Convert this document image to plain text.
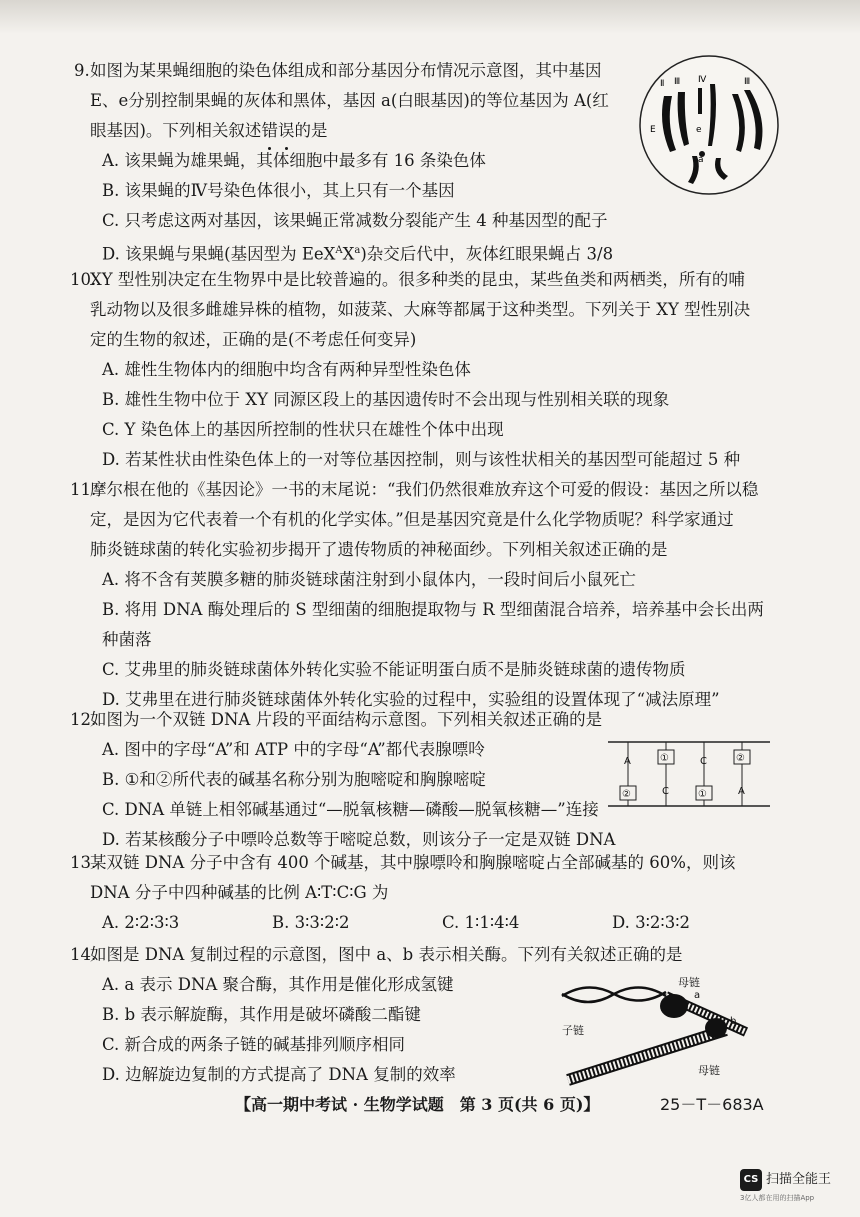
9. 如图为某果蝇细胞的染色体组成和部分基因分布情况示意图，其中基因
E、e分别控制果蝇的灰体和黑体，基因 a(白眼基因)的等位基因为 A(红
眼基因)。下列相关叙述错误的是
A. 该果蝇为雄果蝇，其体细胞中最多有 16 条染色体
B. 该果蝇的Ⅳ号染色体很小，其上只有一个基因
C. 只考虑这两对基因，该果蝇正常减数分裂能产生 4 种基因型的配子
D. 该果蝇与果蝇(基因型为 $EeX^AX^a$)杂交后代中，灰体红眼果蝇占 3/8
Ⅱ Ⅲ Ⅳ	Ⅲ
E	e
a
10.
XY 型性别决定在生物界中是比较普遍的。很多种类的昆虫，某些鱼类和两栖类，所有的哺
乳动物以及很多雌雄异株的植物，如菠菜、大麻等都属于这种类型。下列关于 XY 型性别决
定的生物的叙述，正确的是(不考虑任何变异)
A. 雄性生物体内的细胞中均含有两种异型性染色体
B. 雄性生物中位于 XY 同源区段上的基因遗传时不会出现与性别相关联的现象
C. Y 染色体上的基因所控制的性状只在雄性个体中出现
D. 若某性状由性染色体上的一对等位基因控制，则与该性状相关的基因型可能超过 5 种
11.
摩尔根在他的《基因论》一书的末尾说：“我们仍然很难放弃这个可爱的假设：基因之所以稳
定，是因为它代表着一个有机的化学实体。”但是基因究竟是什么化学物质呢？科学家通过
肺炎链球菌的转化实验初步揭开了遗传物质的神秘面纱。下列相关叙述正确的是
A. 将不含有荚膜多糖的肺炎链球菌注射到小鼠体内，一段时间后小鼠死亡
B. 将用 DNA 酶处理后的 S 型细菌的细胞提取物与 R 型细菌混合培养，培养基中会长出两
种菌落
C. 艾弗里的肺炎链球菌体外转化实验不能证明蛋白质不是肺炎链球菌的遗传物质
D. 艾弗里在进行肺炎链球菌体外转化实验的过程中，实验组的设置体现了“减法原理”
12.
如图为一个双链 DNA 片段的平面结构示意图。下列相关叙述正确的是
A. 图中的字母“A”和 ATP 中的字母“A”都代表腺嘌呤
B. ①和②所代表的碱基名称分别为胞嘧啶和胸腺嘧啶
C. DNA 单链上相邻碱基通过“—脱氧核糖—磷酸—脱氧核糖—”连接
D. 若某核酸分子中嘌呤总数等于嘧啶总数，则该分子一定是双链 DNA
A
②
①
C
C
①
②
A
13.
某双链 DNA 分子中含有 400 个碱基，其中腺嘌呤和胸腺嘧啶占全部碱基的 60%，则该
DNA 分子中四种碱基的比例 A∶T∶C∶G 为
A. 2∶2∶3∶3	B. 3∶3∶2∶2	C. 1∶1∶4∶4	D. 3∶2∶3∶2
14.
如图是 DNA 复制过程的示意图，图中 a、b 表示相关酶。下列有关叙述正确的是
A. a 表示 DNA 聚合酶，其作用是催化形成氢键
B. b 表示解旋酶，其作用是破坏磷酸二酯键
C. 新合成的两条子链的碱基排列顺序相同
D. 边解旋边复制的方式提高了 DNA 复制的效率
母链
a
b
子链
母链
【高一期中考试 · 生物学试题　第 3 页(共 6 页)】	25－T－683A
CS 扫描全能王
3亿人都在用的扫描App
